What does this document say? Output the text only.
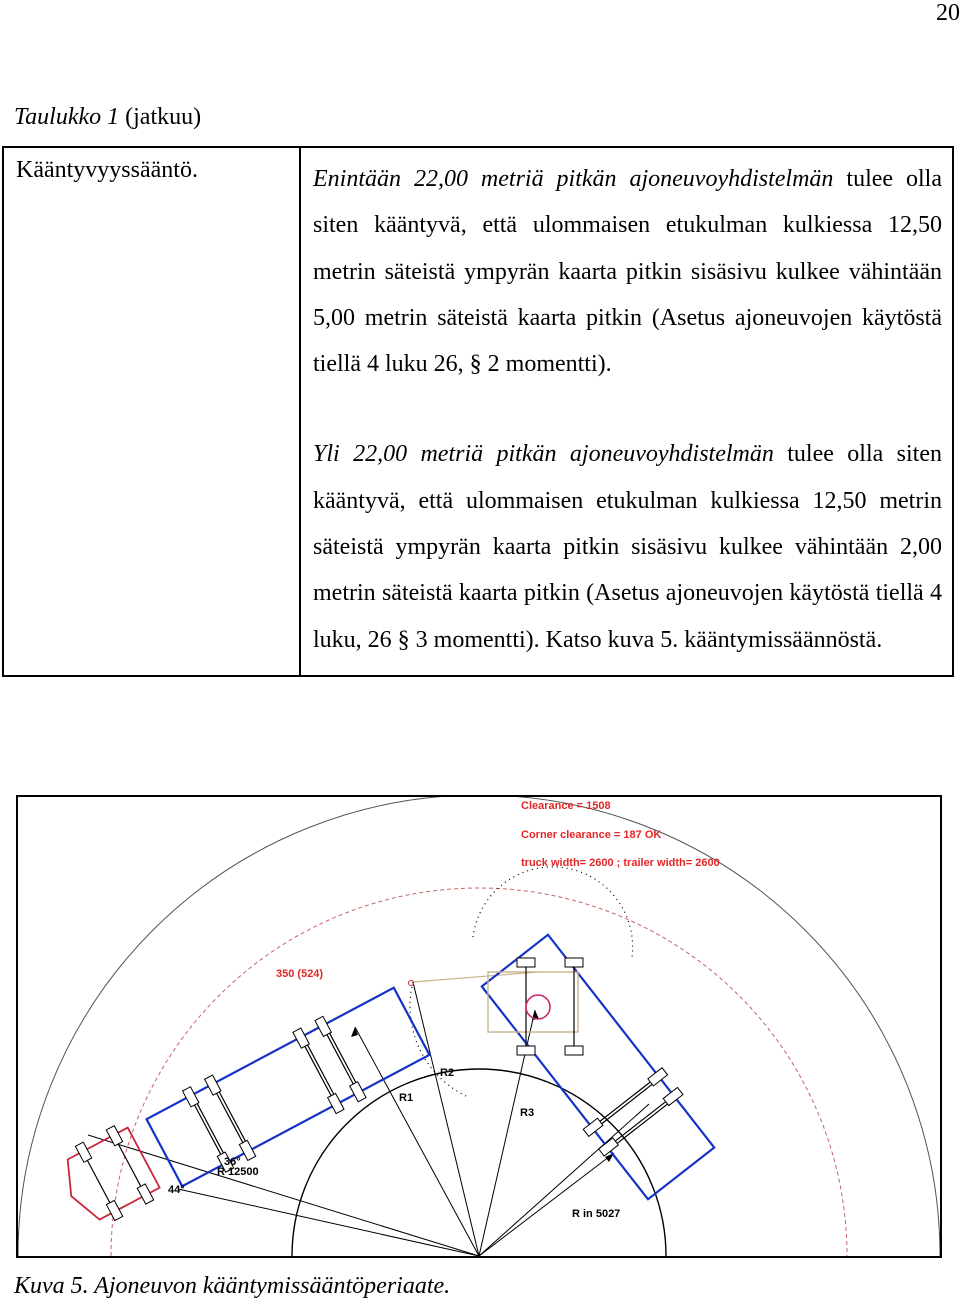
20
Taulukko 1 (jatkuu)
Kääntyvyyssääntö.	Enintään 22,00 metriä pitkän ajoneuvoyhdistelmän tulee olla siten kääntyvä, että ulommaisen etukulman kulkiessa 12,50 metrin säteistä ympyrän kaarta pitkin sisäsivu kulkee vähintään 5,00 metrin säteistä kaarta pitkin (Asetus ajoneuvojen käytöstä tiellä 4 luku 26, § 2 momentti).
Yli 22,00 metriä pitkän ajoneuvoyhdistelmän tulee olla siten kääntyvä, että ulommaisen etukulman kulkiessa 12,50 metrin säteistä ympyrän kaarta pitkin sisäsivu kulkee vähintään 2,00 metrin säteistä kaarta pitkin (Asetus ajoneuvojen käytöstä tiellä 4 luku, 26 § 3 momentti). Katso kuva 5. kääntymissäännöstä.
Clearance = 1508
Corner clearance = 187 OK
truck width= 2600 ; trailer width= 2600
350 (524)
R2
R1
R3
36°
R 12500
44°
R in 5027
Kuva 5. Ajoneuvon kääntymissääntöperiaate.
